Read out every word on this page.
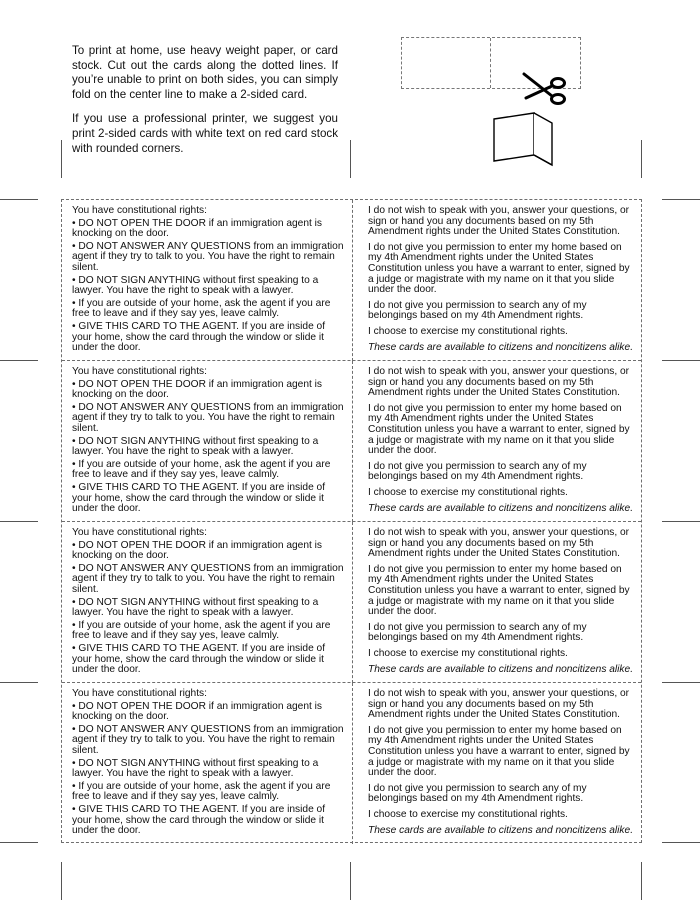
To print at home, use heavy weight paper, or card stock. Cut out the cards along the dotted lines. If you’re unable to print on both sides, you can simply fold on the center line to make a 2-sided card.

If you use a professional printer, we suggest you print 2-sided cards with white text on red card stock with rounded corners.

You have constitutional rights:
• DO NOT OPEN THE DOOR if an immigration agent is knocking on the door.
• DO NOT ANSWER ANY QUESTIONS from an immigration agent if they try to talk to you. You have the right to remain silent.
• DO NOT SIGN ANYTHING without first speaking to a lawyer. You have the right to speak with a lawyer.
• If you are outside of your home, ask the agent if you are free to leave and if they say yes, leave calmly.
• GIVE THIS CARD TO THE AGENT. If you are inside of your home, show the card through the window or slide it under the door.
I do not wish to speak with you, answer your questions, or sign or hand you any documents based on my 5th Amendment rights under the United States Constitution.
I do not give you permission to enter my home based on my 4th Amendment rights under the United States Constitution unless you have a warrant to enter, signed by a judge or magistrate with my name on it that you slide under the door.
I do not give you permission to search any of my belongings based on my 4th Amendment rights.
I choose to exercise my constitutional rights.
These cards are available to citizens and noncitizens alike.
You have constitutional rights:
• DO NOT OPEN THE DOOR if an immigration agent is knocking on the door.
• DO NOT ANSWER ANY QUESTIONS from an immigration agent if they try to talk to you. You have the right to remain silent.
• DO NOT SIGN ANYTHING without first speaking to a lawyer. You have the right to speak with a lawyer.
• If you are outside of your home, ask the agent if you are free to leave and if they say yes, leave calmly.
• GIVE THIS CARD TO THE AGENT. If you are inside of your home, show the card through the window or slide it under the door.
I do not wish to speak with you, answer your questions, or sign or hand you any documents based on my 5th Amendment rights under the United States Constitution.
I do not give you permission to enter my home based on my 4th Amendment rights under the United States Constitution unless you have a warrant to enter, signed by a judge or magistrate with my name on it that you slide under the door.
I do not give you permission to search any of my belongings based on my 4th Amendment rights.
I choose to exercise my constitutional rights.
These cards are available to citizens and noncitizens alike.
You have constitutional rights:
• DO NOT OPEN THE DOOR if an immigration agent is knocking on the door.
• DO NOT ANSWER ANY QUESTIONS from an immigration agent if they try to talk to you. You have the right to remain silent.
• DO NOT SIGN ANYTHING without first speaking to a lawyer. You have the right to speak with a lawyer.
• If you are outside of your home, ask the agent if you are free to leave and if they say yes, leave calmly.
• GIVE THIS CARD TO THE AGENT. If you are inside of your home, show the card through the window or slide it under the door.
I do not wish to speak with you, answer your questions, or sign or hand you any documents based on my 5th Amendment rights under the United States Constitution.
I do not give you permission to enter my home based on my 4th Amendment rights under the United States Constitution unless you have a warrant to enter, signed by a judge or magistrate with my name on it that you slide under the door.
I do not give you permission to search any of my belongings based on my 4th Amendment rights.
I choose to exercise my constitutional rights.
These cards are available to citizens and noncitizens alike.
You have constitutional rights:
• DO NOT OPEN THE DOOR if an immigration agent is knocking on the door.
• DO NOT ANSWER ANY QUESTIONS from an immigration agent if they try to talk to you. You have the right to remain silent.
• DO NOT SIGN ANYTHING without first speaking to a lawyer. You have the right to speak with a lawyer.
• If you are outside of your home, ask the agent if you are free to leave and if they say yes, leave calmly.
• GIVE THIS CARD TO THE AGENT. If you are inside of your home, show the card through the window or slide it under the door.
I do not wish to speak with you, answer your questions, or sign or hand you any documents based on my 5th Amendment rights under the United States Constitution.
I do not give you permission to enter my home based on my 4th Amendment rights under the United States Constitution unless you have a warrant to enter, signed by a judge or magistrate with my name on it that you slide under the door.
I do not give you permission to search any of my belongings based on my 4th Amendment rights.
I choose to exercise my constitutional rights.
These cards are available to citizens and noncitizens alike.
